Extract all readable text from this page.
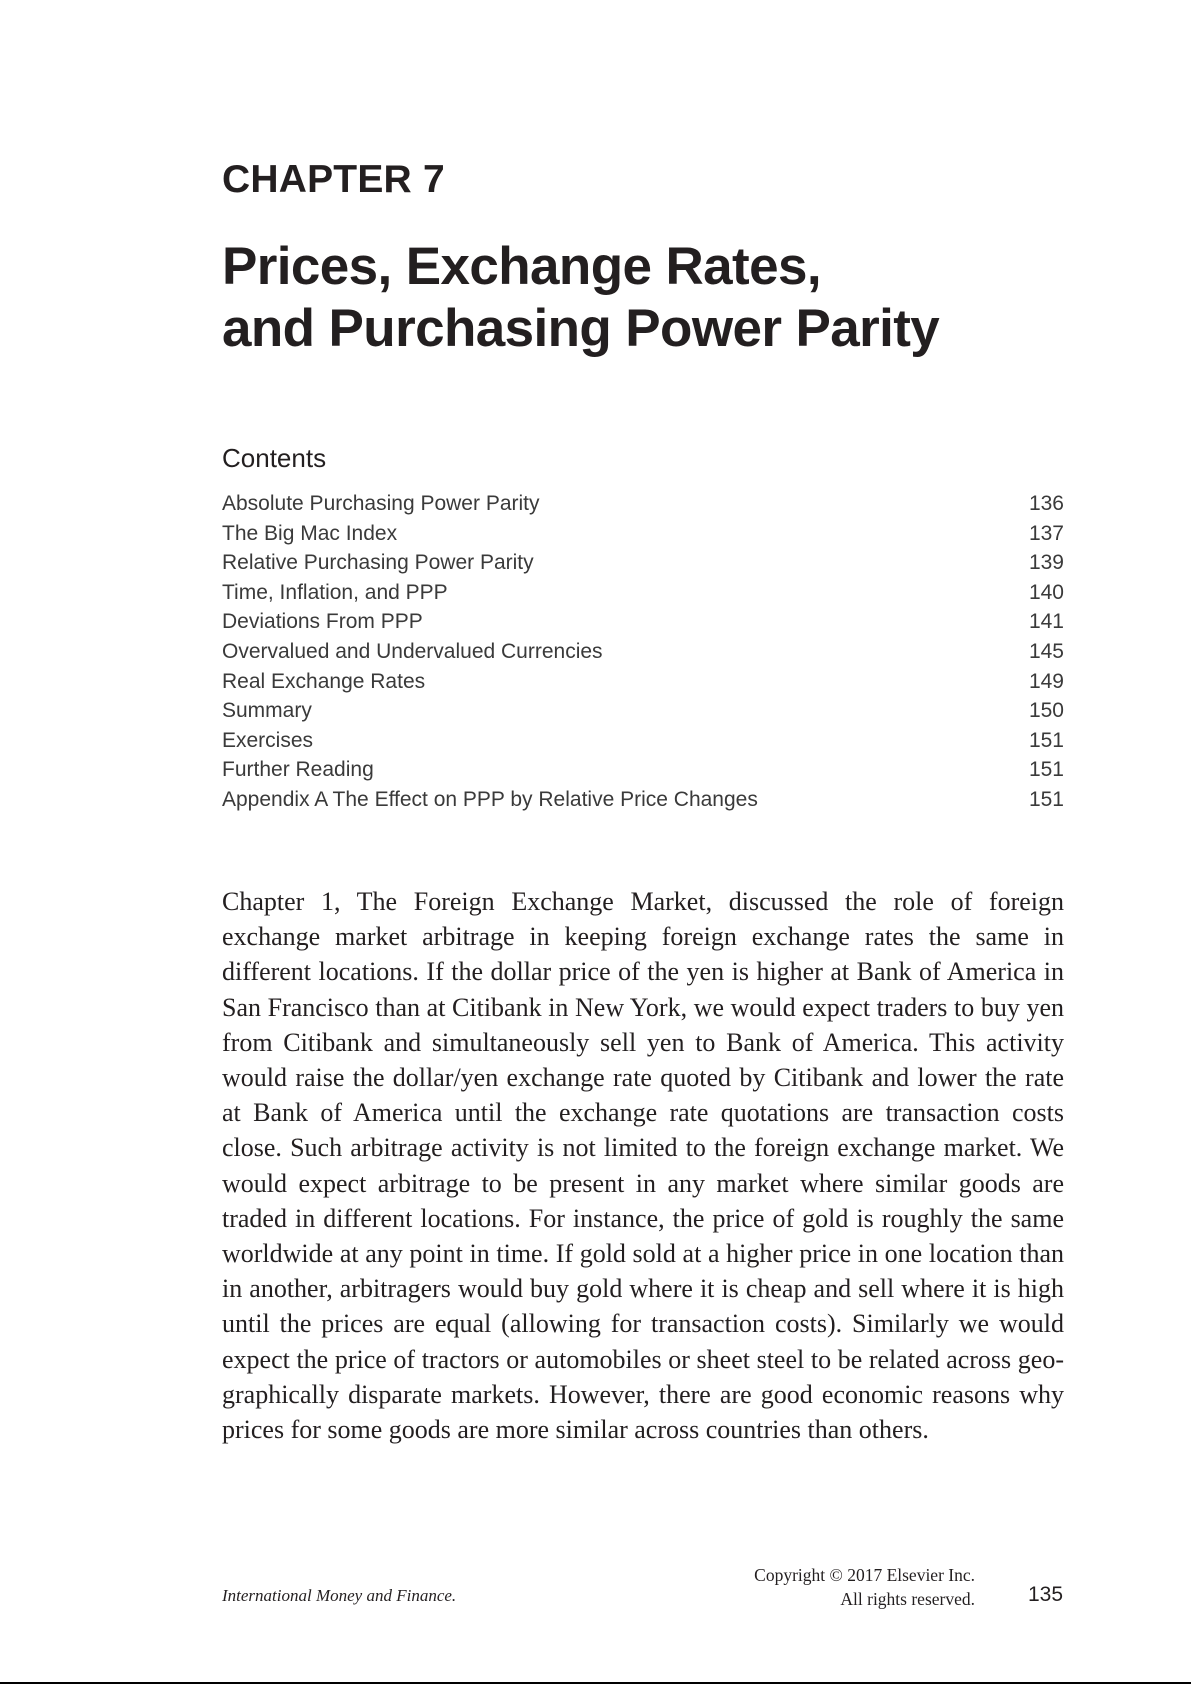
CHAPTER 7
Prices, Exchange Rates,
and Purchasing Power Parity
Contents
Absolute Purchasing Power Parity	136
The Big Mac Index	137
Relative Purchasing Power Parity	139
Time, Inflation, and PPP	140
Deviations From PPP	141
Overvalued and Undervalued Currencies	145
Real Exchange Rates	149
Summary	150
Exercises	151
Further Reading	151
Appendix A The Effect on PPP by Relative Price Changes	151

Chapter 1, The Foreign Exchange Market, discussed the role of foreign exchange market arbitrage in keeping foreign exchange rates the same in different locations. If the dollar price of the yen is higher at Bank of America in San Francisco than at Citibank in New York, we would expect traders to buy yen from Citibank and simultaneously sell yen to Bank of America. This activity would raise the dollar/yen exchange rate quoted by Citibank and lower the rate at Bank of America until the exchange rate quotations are transaction costs close. Such arbitrage activity is not limited to the foreign exchange market. We would expect arbitrage to be present in any market where similar goods are traded in different locations. For instance, the price of gold is roughly the same worldwide at any point in time. If gold sold at a higher price in one location than in another, arbitragers would buy gold where it is cheap and sell where it is high until the prices are equal (allowing for transaction costs). Similarly we would expect the price of tractors or automobiles or sheet steel to be related across geographically disparate markets. However, there are good economic reasons why prices for some goods are more similar across countries than others.

International Money and Finance.
Copyright © 2017 Elsevier Inc.
All rights reserved.	135
